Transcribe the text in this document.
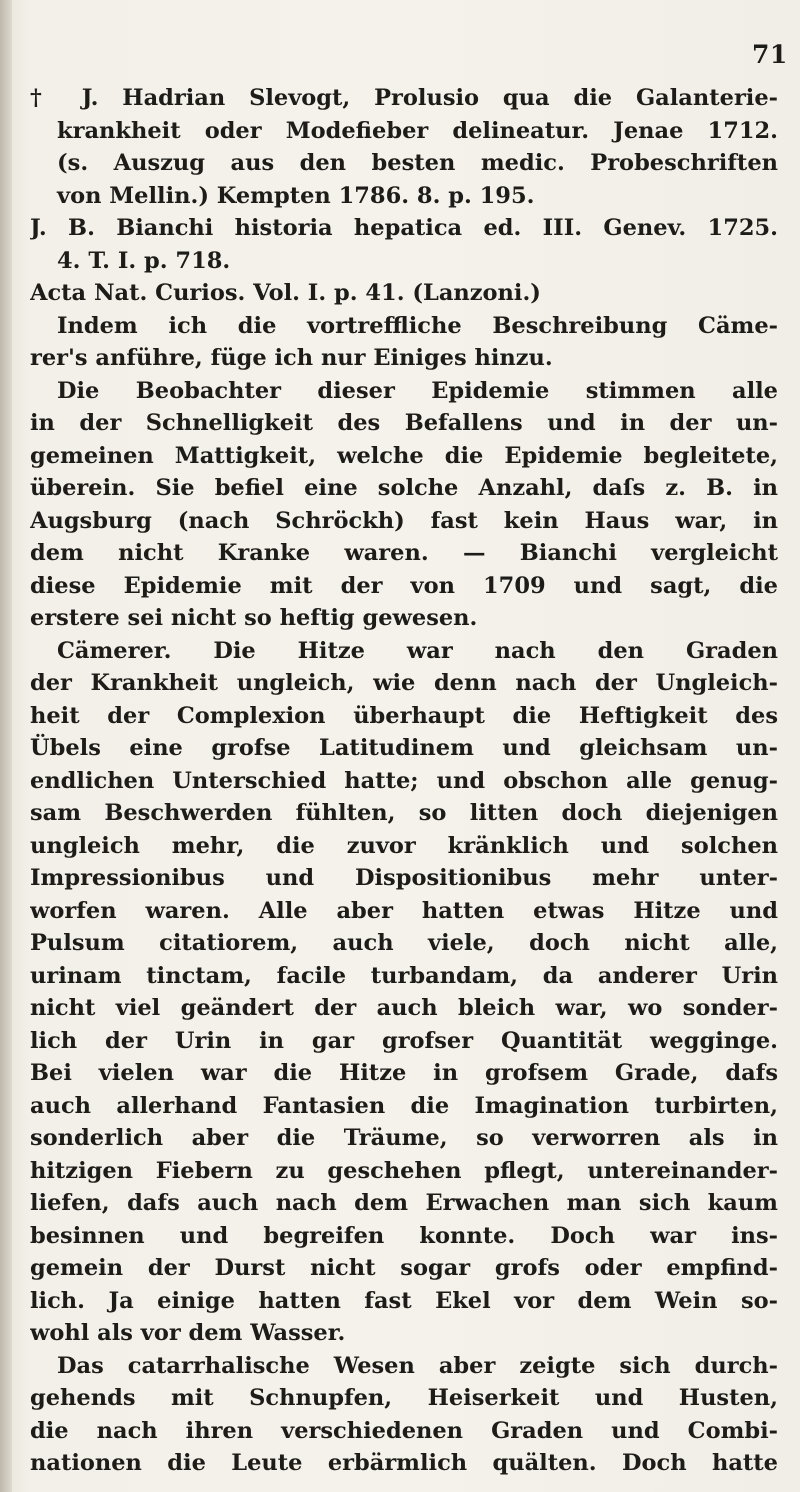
71
† J. Hadrian Slevogt, Prolusio qua die Galanterie-
krankheit oder Modefieber delineatur. Jenae 1712.
(s. Auszug aus den besten medic. Probeschriften
von Mellin.) Kempten 1786. 8. p. 195.
J. B. Bianchi historia hepatica ed. III. Genev. 1725.
4. T. I. p. 718.
Acta Nat. Curios. Vol. I. p. 41. (Lanzoni.)
Indem ich die vortreffliche Beschreibung Cäme-
rer's anführe, füge ich nur Einiges hinzu.
Die Beobachter dieser Epidemie stimmen alle
in der Schnelligkeit des Befallens und in der un-
gemeinen Mattigkeit, welche die Epidemie begleitete,
überein. Sie befiel eine solche Anzahl, daſs z. B. in
Augsburg (nach Schröckh) fast kein Haus war, in
dem nicht Kranke waren. — Bianchi vergleicht
diese Epidemie mit der von 1709 und sagt, die
erstere sei nicht so heftig gewesen.
Cämerer. Die Hitze war nach den Graden
der Krankheit ungleich, wie denn nach der Ungleich-
heit der Complexion überhaupt die Heftigkeit des
Übels eine grofse Latitudinem und gleichsam un-
endlichen Unterschied hatte; und obschon alle genug-
sam Beschwerden fühlten, so litten doch diejenigen
ungleich mehr, die zuvor kränklich und solchen
Impressionibus und Dispositionibus mehr unter-
worfen waren. Alle aber hatten etwas Hitze und
Pulsum citatiorem, auch viele, doch nicht alle,
urinam tinctam, facile turbandam, da anderer Urin
nicht viel geändert der auch bleich war, wo sonder-
lich der Urin in gar grofser Quantität wegginge.
Bei vielen war die Hitze in grofsem Grade, dafs
auch allerhand Fantasien die Imagination turbirten,
sonderlich aber die Träume, so verworren als in
hitzigen Fiebern zu geschehen pflegt, untereinander-
liefen, dafs auch nach dem Erwachen man sich kaum
besinnen und begreifen konnte. Doch war ins-
gemein der Durst nicht sogar grofs oder empfind-
lich. Ja einige hatten fast Ekel vor dem Wein so-
wohl als vor dem Wasser.
Das catarrhalische Wesen aber zeigte sich durch-
gehends mit Schnupfen, Heiserkeit und Husten,
die nach ihren verschiedenen Graden und Combi-
nationen die Leute erbärmlich quälten. Doch hatte
